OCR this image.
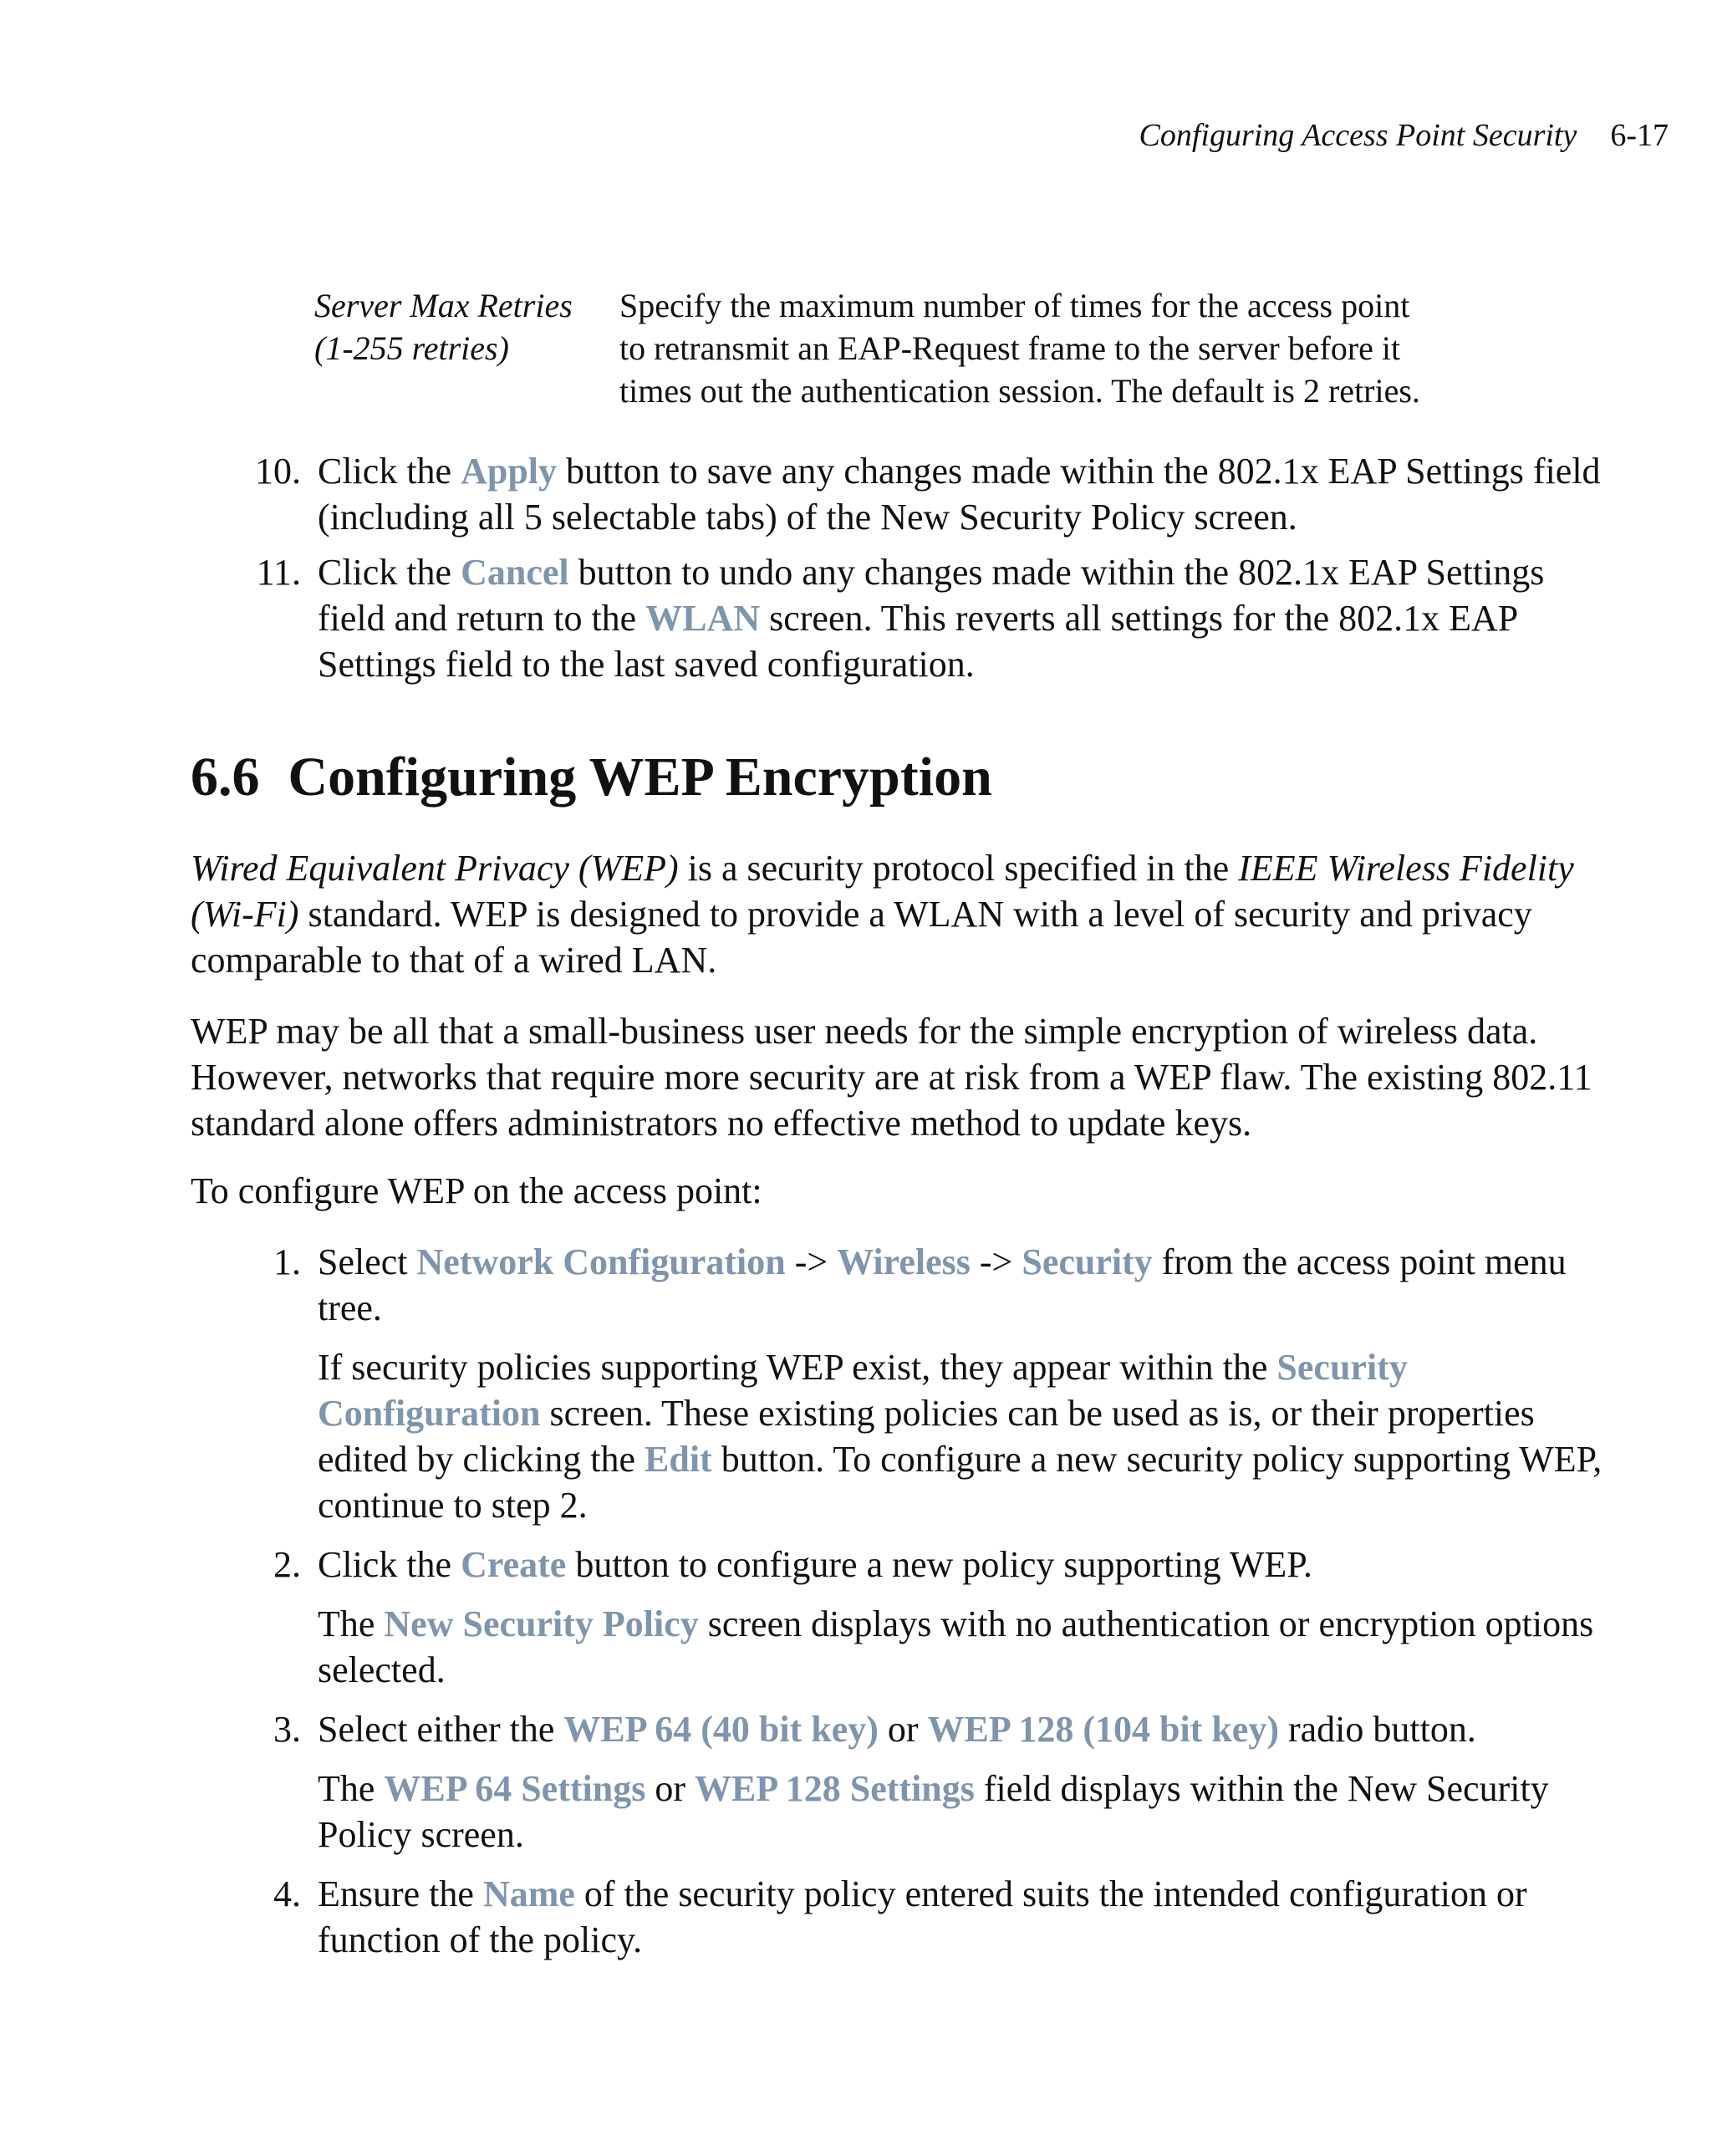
Configuring Access Point Security 6-17
Server Max Retries
(1-255 retries)
Specify the maximum number of times for the access point
to retransmit an EAP-Request frame to the server before it
times out the authentication session. The default is 2 retries.
10. Click the Apply button to save any changes made within the 802.1x EAP Settings field (including all 5 selectable tabs) of the New Security Policy screen.

11. Click the Cancel button to undo any changes made within the 802.1x EAP Settings field and return to the WLAN screen. This reverts all settings for the 802.1x EAP Settings field to the last saved configuration.

6.6 Configuring WEP Encryption

Wired Equivalent Privacy (WEP) is a security protocol specified in the IEEE Wireless Fidelity (Wi-Fi) standard. WEP is designed to provide a WLAN with a level of security and privacy comparable to that of a wired LAN.

WEP may be all that a small-business user needs for the simple encryption of wireless data. However, networks that require more security are at risk from a WEP flaw. The existing 802.11 standard alone offers administrators no effective method to update keys.

To configure WEP on the access point:

1. Select Network Configuration -> Wireless -> Security from the access point menu tree.

If security policies supporting WEP exist, they appear within the Security Configuration screen. These existing policies can be used as is, or their properties edited by clicking the Edit button. To configure a new security policy supporting WEP, continue to step 2.

2. Click the Create button to configure a new policy supporting WEP.

The New Security Policy screen displays with no authentication or encryption options selected.

3. Select either the WEP 64 (40 bit key) or WEP 128 (104 bit key) radio button.

The WEP 64 Settings or WEP 128 Settings field displays within the New Security Policy screen.

4. Ensure the Name of the security policy entered suits the intended configuration or function of the policy.
